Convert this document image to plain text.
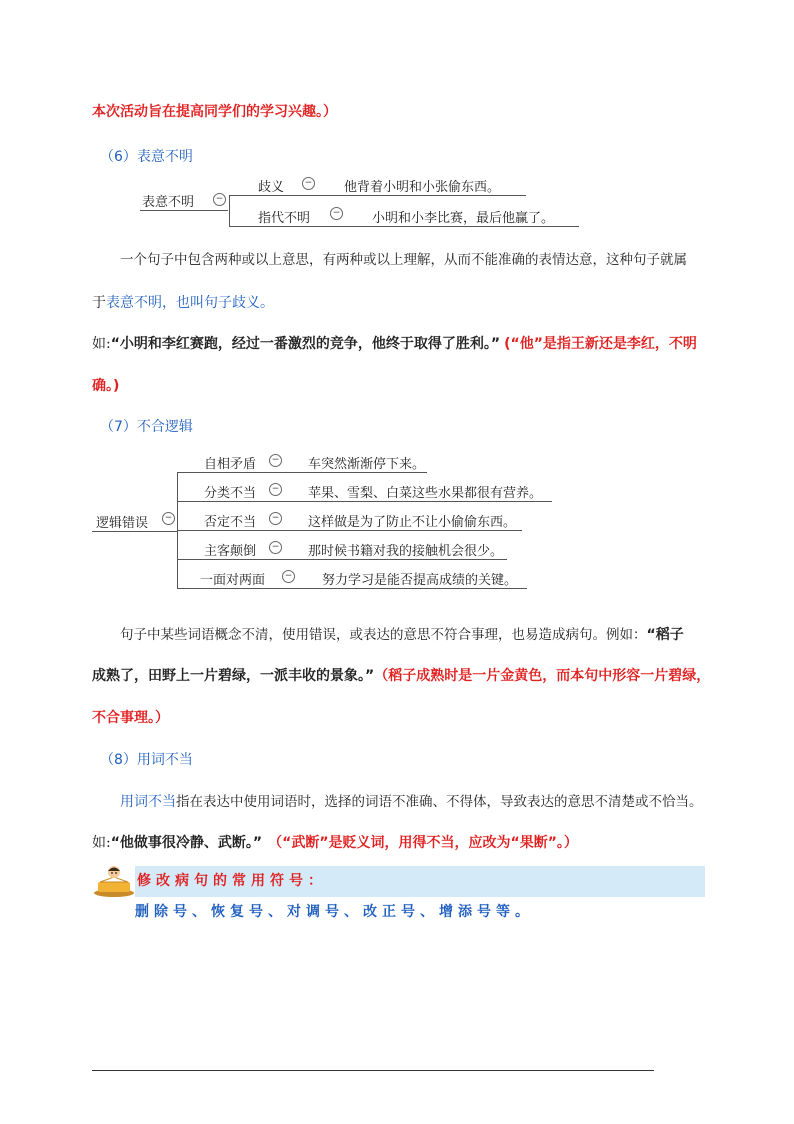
本次活动旨在提高同学们的学习兴趣。）
（6）表意不明
表意不明	−
歧义	− 他背着小明和小张偷东西。
指代不明	− 小明和小李比赛，最后他赢了。
一个句子中包含两种或以上意思，有两种或以上理解，从而不能准确的表情达意，这种句子就属
于表意不明，也叫句子歧义。
如:“小明和李红赛跑，经过一番激烈的竞争，他终于取得了胜利。” (“他”是指王新还是李红，不明
确。)
（7）不合逻辑
逻辑错误	−
自相矛盾	− 车突然渐渐停下来。
分类不当	− 苹果、雪梨、白菜这些水果都很有营养。
否定不当	− 这样做是为了防止不让小偷偷东西。
主客颠倒	− 那时候书籍对我的接触机会很少。
一面对两面	− 努力学习是能否提高成绩的关键。
句子中某些词语概念不清，使用错误，或表达的意思不符合事理，也易造成病句。例如：“稻子
成熟了，田野上一片碧绿，一派丰收的景象。”（稻子成熟时是一片金黄色，而本句中形容一片碧绿，
不合事理。）
（8）用词不当
用词不当指在表达中使用词语时，选择的词语不准确、不得体，导致表达的意思不清楚或不恰当。
如:“他做事很冷静、武断。” （“武断”是贬义词，用得不当，应改为“果断”。）
修改病句的常用符号：删除号、恢复号、对调号、改正号、增添号等。
